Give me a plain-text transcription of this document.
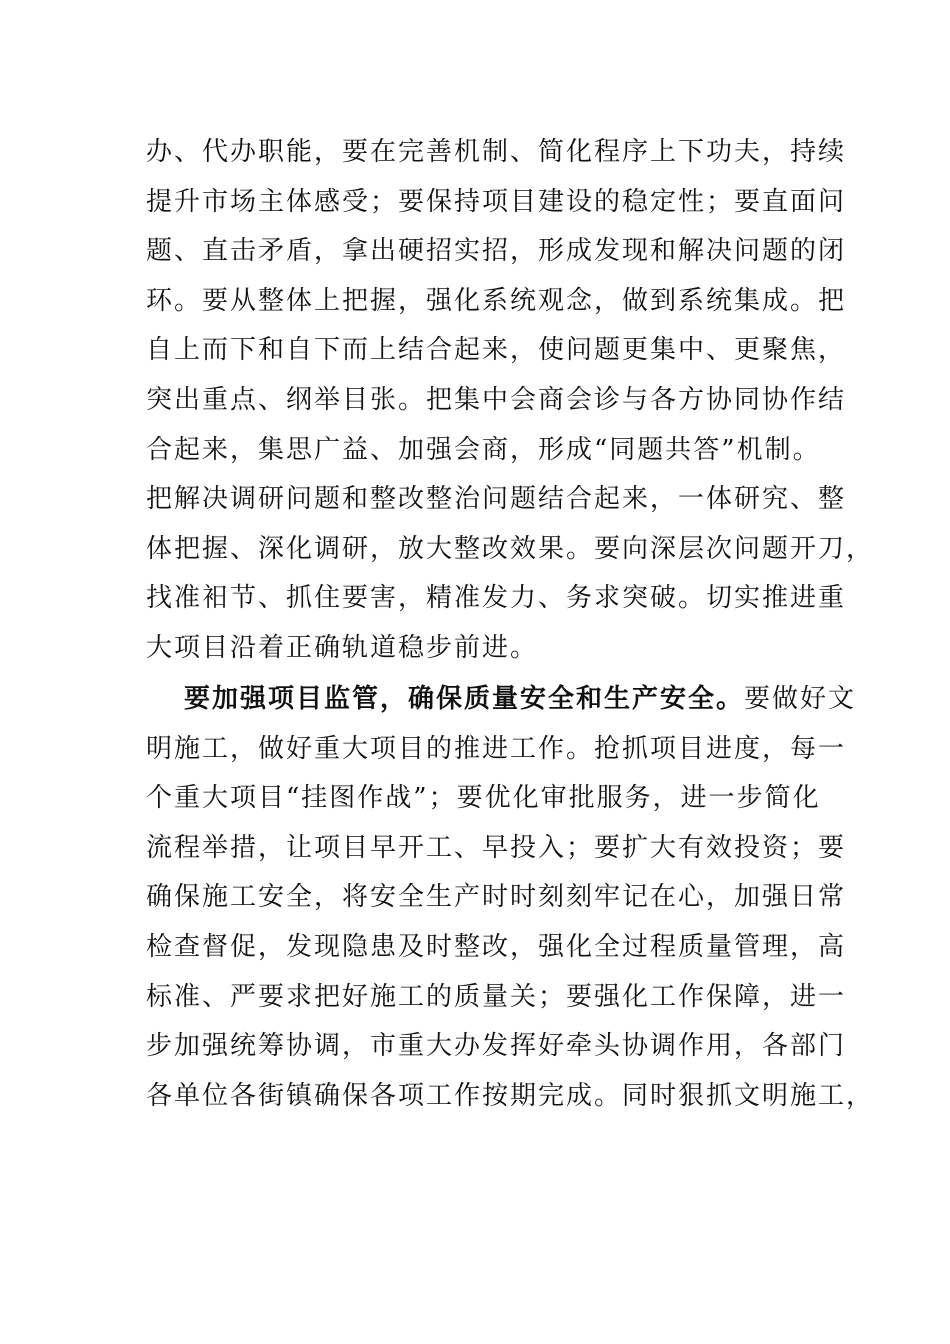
办、代办职能，要在完善机制、简化程序上下功夫，持续
提升市场主体感受；要保持项目建设的稳定性；要直面问
题、直击矛盾，拿出硬招实招，形成发现和解决问题的闭
环。要从整体上把握，强化系统观念，做到系统集成。把
自上而下和自下而上结合起来，使问题更集中、更聚焦，
突出重点、纲举目张。把集中会商会诊与各方协同协作结
合起来，集思广益、加强会商，形成“同题共答”机制。
把解决调研问题和整改整治问题结合起来，一体研究、整
体把握、深化调研，放大整改效果。要向深层次问题开刀，
找准衵节、抓住要害，精准发力、务求突破。切实推进重
大项目沿着正确轨道稳步前进。
要加强项目监管，确保质量安全和生产安全。要做好文
明施工，做好重大项目的推进工作。抢抓项目进度，每一
个重大项目“挂图作战”；要优化审批服务，进一步简化
流程举措，让项目早开工、早投入；要扩大有效投资；要
确保施工安全，将安全生产时时刻刻牢记在心，加强日常
检查督促，发现隐患及时整改，强化全过程质量管理，高
标准、严要求把好施工的质量关；要强化工作保障，进一
步加强统筹协调，市重大办发挥好牵头协调作用，各部门
各单位各街镇确保各项工作按期完成。同时狠抓文明施工，
